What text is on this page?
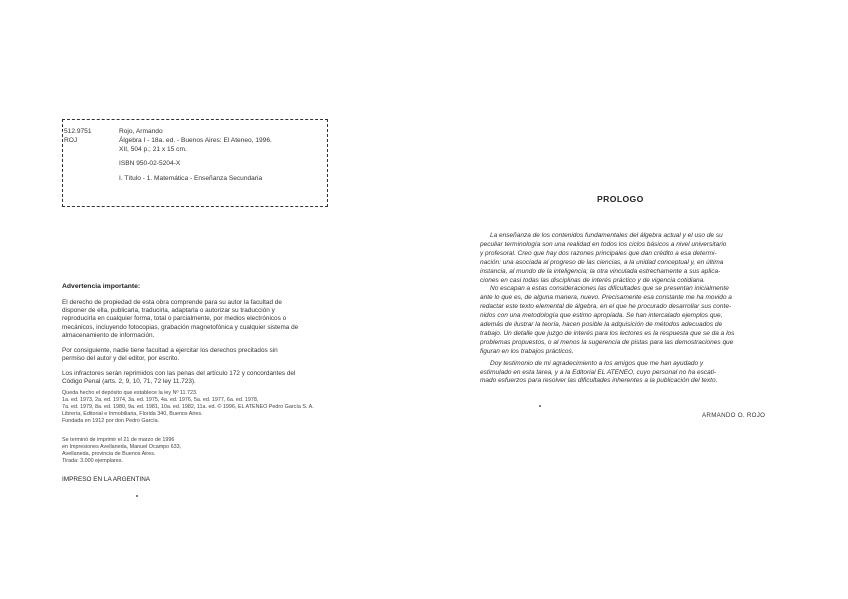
512.9751	Rojo, Armando
ROJ	Álgebra I - 18a. ed. - Buenos Aires: El Ateneo, 1996.
XII, 504 p.; 21 x 15 cm.
ISBN 950-02-5204-X
I. Título - 1. Matemática - Enseñanza Secundaria
Advertencia importante:
El derecho de propiedad de esta obra comprende para su autor la facultad de disponer de ella, publicarla, traducirla, adaptarla o autorizar su traducción y reproducirla en cualquier forma, total o parcialmente, por medios electrónicos o mecánicos, incluyendo fotocopias, grabación magnetofónica y cualquier sistema de almacenamiento de información.
Por consiguiente, nadie tiene facultad a ejercitar los derechos precitados sin permiso del autor y del editor, por escrito.
Los infractores serán reprimidos con las penas del artículo 172 y concordantes del Código Penal (arts. 2, 9, 10, 71, 72 ley 11.723).
Queda hecho el depósito que establece la ley Nº 11.723.
1a. ed. 1973, 2a. ed. 1974, 3a. ed. 1975, 4a. ed. 1976, 5a. ed. 1977, 6a. ed. 1978,
7a. ed. 1979, 8a. ed. 1980, 9a. ed. 1981, 10a. ed. 1982, 11a. ed. © 1996, EL ATENEO Pedro García S. A.
Librería, Editorial e Inmobiliaria, Florida 340, Buenos Aires.
Fundada en 1912 por don Pedro García.
Se terminó de imprimir el 21 de marzo de 1996
en Impresiones Avellaneda, Manuel Ocampo 633,
Avellaneda, provincia de Buenos Aires.
Tirada: 3.000 ejemplares.
IMPRESO EN LA ARGENTINA
PROLOGO
La enseñanza de los contenidos fundamentales del álgebra actual y el uso de su
peculiar terminología son una realidad en todos los ciclos básicos a nivel universitario
y profesoral. Creo que hay dos razones principales que dan crédito a esa determi-
nación: una asociada al progreso de las ciencias, a la unidad conceptual y, en última
instancia, al mundo de la inteligencia; la otra vinculada estrechamente a sus aplica-
ciones en casi todas las disciplinas de interés práctico y de vigencia cotidiana.
No escapan a estas consideraciones las dificultades que se presentan inicialmente
ante lo que es, de alguna manera, nuevo. Precisamente esa constante me ha movido a
redactar este texto elemental de álgebra, en el que he procurado desarrollar sus conte-
nidos con una metodología que estimo apropiada. Se han intercalado ejemplos que,
además de ilustrar la teoría, hacen posible la adquisición de métodos adecuados de
trabajo. Un detalle que juzgo de interés para los lectores es la respuesta que se da a los
problemas propuestos, o al menos la sugerencia de pistas para las demostraciones que
figuran en los trabajos prácticos.
Doy testimonio de mi agradecimiento a los amigos que me han ayudado y
estimulado en esta tarea, y a la Editorial EL ATENEO, cuyo personal no ha escati-
mado esfuerzos para resolver las dificultades inherentes a la publicación del texto.
ARMANDO O. ROJO
